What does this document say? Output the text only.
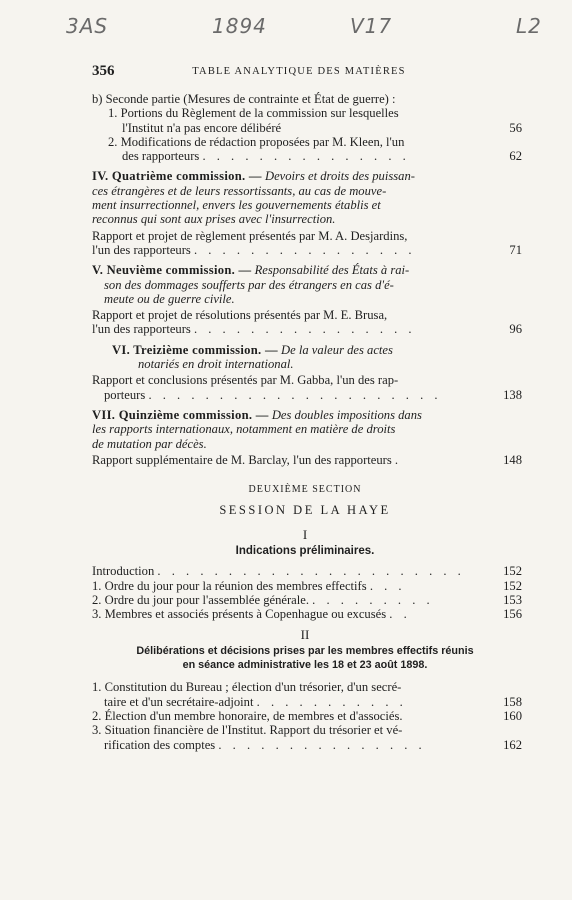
3AS	1894	V17	L2
356	TABLE ANALYTIQUE DES MATIÈRES
b) Seconde partie (Mesures de contrainte et État de guerre) :
1. Portions du Règlement de la commission sur lesquelles
l'Institut n'a pas encore délibéré	56
2. Modifications de rédaction proposées par M. Kleen, l'un
des rapporteurs . . . . . . . . . . . . . . .	62
IV. Quatrième commission. — Devoirs et droits des puissan-
ces étrangères et de leurs ressortissants, au cas de mouve-
ment insurrectionnel, envers les gouvernements établis et
reconnus qui sont aux prises avec l'insurrection.
Rapport et projet de règlement présentés par M. A. Desjardins,
l'un des rapporteurs . . . . . . . . . . . . . . . .	71
V. Neuvième commission. — Responsabilité des États à rai-
son des dommages soufferts par des étrangers en cas d'é-
meute ou de guerre civile.
Rapport et projet de résolutions présentés par M. E. Brusa,
l'un des rapporteurs . . . . . . . . . . . . . . . .	96
VI. Treizième commission. — De la valeur des actes
notariés en droit international.
Rapport et conclusions présentés par M. Gabba, l'un des rap-
porteurs . . . . . . . . . . . . . . . . . . . . .	138
VII. Quinzième commission. — Des doubles impositions dans
les rapports internationaux, notamment en matière de droits
de mutation par décès.
Rapport supplémentaire de M. Barclay, l'un des rapporteurs .	148
DEUXIÈME SECTION
SESSION DE LA HAYE
I
Indications préliminaires.
Introduction . . . . . . . . . . . . . . . . . . . . . .	152
1. Ordre du jour pour la réunion des membres effectifs . . .	152
2. Ordre du jour pour l'assemblée générale. . . . . . . . . .	153
3. Membres et associés présents à Copenhague ou excusés . .	156
II
Délibérations et décisions prises par les membres effectifs réunis
en séance administrative les 18 et 23 août 1898.
1. Constitution du Bureau ; élection d'un trésorier, d'un secré-
taire et d'un secrétaire-adjoint . . . . . . . . . . .	158
2. Élection d'un membre honoraire, de membres et d'associés.	160
3. Situation financière de l'Institut. Rapport du trésorier et vé-
rification des comptes . . . . . . . . . . . . . . .	162
